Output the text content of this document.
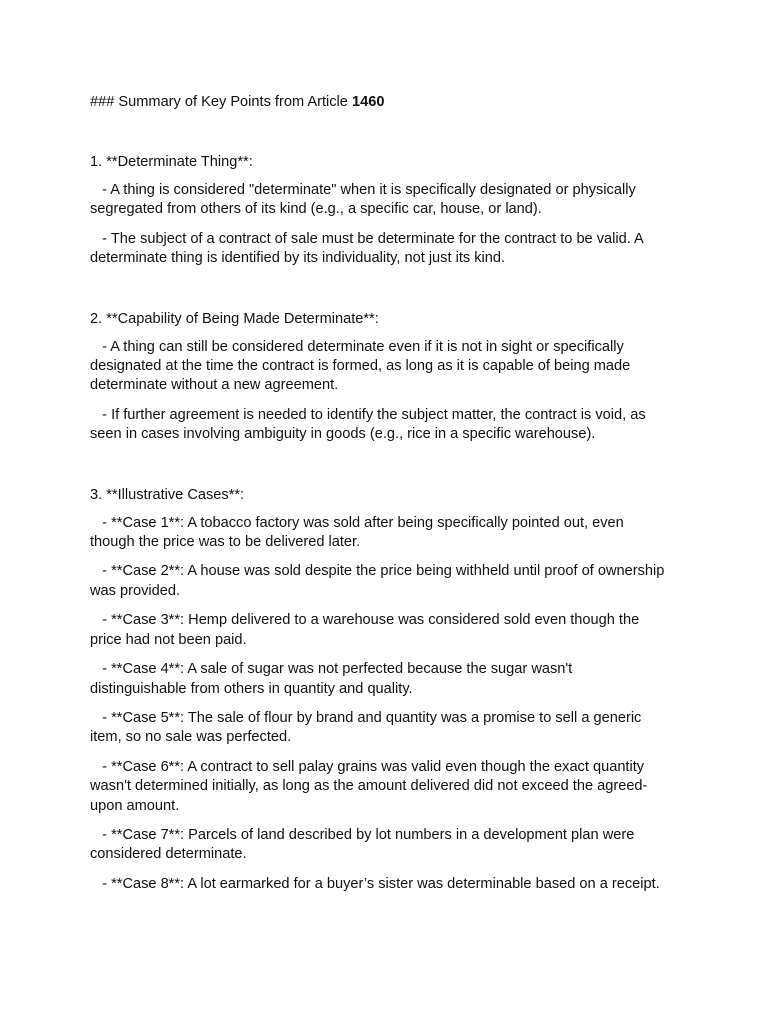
### Summary of Key Points from Article 1460

1. **Determinate Thing**:

- A thing is considered "determinate" when it is specifically designated or physically segregated from others of its kind (e.g., a specific car, house, or land).

- The subject of a contract of sale must be determinate for the contract to be valid. A determinate thing is identified by its individuality, not just its kind.

2. **Capability of Being Made Determinate**:

- A thing can still be considered determinate even if it is not in sight or specifically designated at the time the contract is formed, as long as it is capable of being made determinate without a new agreement.

- If further agreement is needed to identify the subject matter, the contract is void, as seen in cases involving ambiguity in goods (e.g., rice in a specific warehouse).

3. **Illustrative Cases**:

- **Case 1**: A tobacco factory was sold after being specifically pointed out, even though the price was to be delivered later.

- **Case 2**: A house was sold despite the price being withheld until proof of ownership was provided.

- **Case 3**: Hemp delivered to a warehouse was considered sold even though the price had not been paid.

- **Case 4**: A sale of sugar was not perfected because the sugar wasn't distinguishable from others in quantity and quality.

- **Case 5**: The sale of flour by brand and quantity was a promise to sell a generic item, so no sale was perfected.

- **Case 6**: A contract to sell palay grains was valid even though the exact quantity wasn't determined initially, as long as the amount delivered did not exceed the agreed-upon amount.

- **Case 7**: Parcels of land described by lot numbers in a development plan were considered determinate.

- **Case 8**: A lot earmarked for a buyer’s sister was determinable based on a receipt.
